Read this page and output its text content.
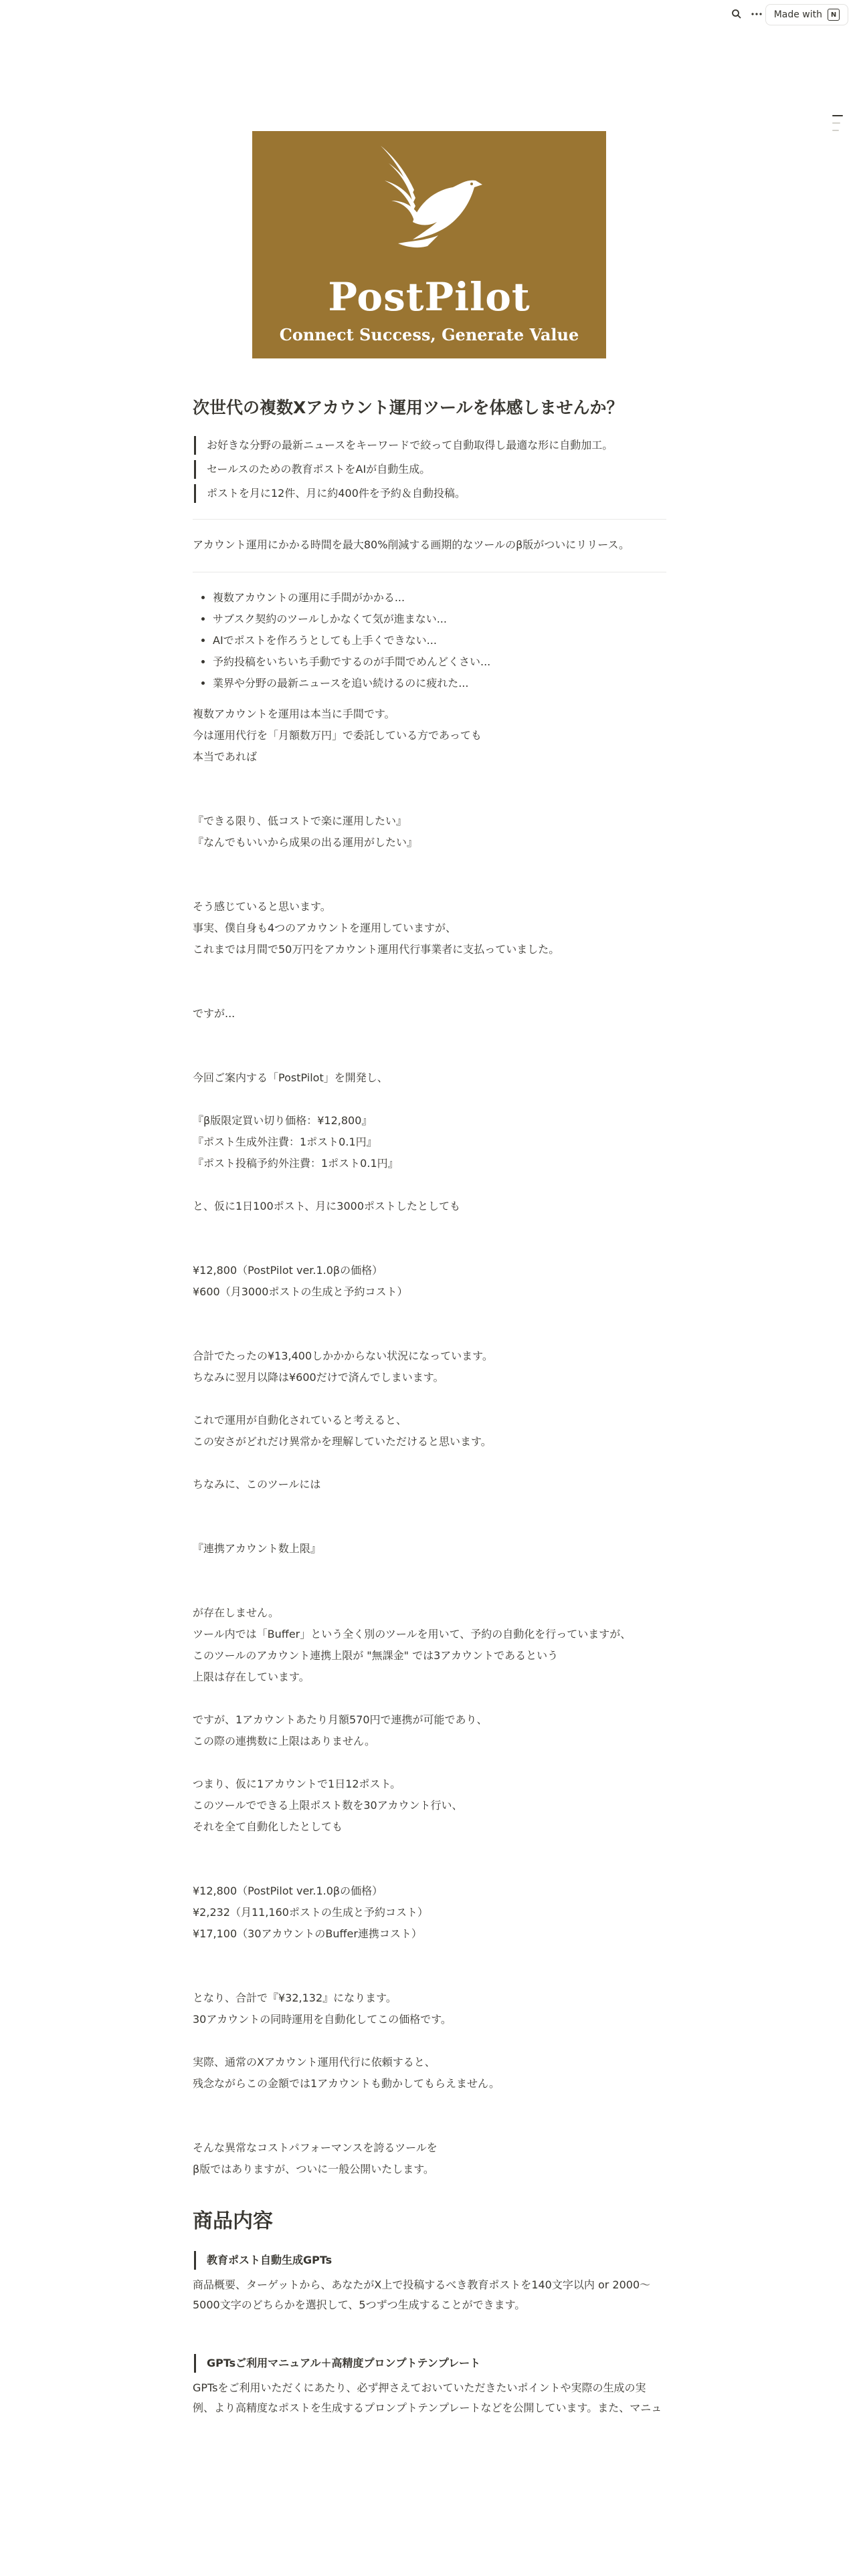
Made with	N
PostPilot
Connect Success, Generate Value
次世代の複数Xアカウント運用ツールを体感しませんか？
お好きな分野の最新ニュースをキーワードで絞って自動取得し最適な形に自動加工。
セールスのための教育ポストをAIが自動生成。
ポストを月に12件、月に約400件を予約＆自動投稿。

アカウント運用にかかる時間を最大80%削減する画期的なツールのβ版がついにリリース。

• 複数アカウントの運用に手間がかかる...
• サブスク契約のツールしかなくて気が進まない...
• AIでポストを作ろうとしても上手くできない...
• 予約投稿をいちいち手動でするのが手間でめんどくさい...
• 業界や分野の最新ニュースを追い続けるのに疲れた...

複数アカウントを運用は本当に手間です。

今は運用代行を「月額数万円」で委託している方であっても

本当であれば

『できる限り、低コストで楽に運用したい』

『なんでもいいから成果の出る運用がしたい』

そう感じていると思います。

事実、僕自身も4つのアカウントを運用していますが、

これまでは月間で50万円をアカウント運用代行事業者に支払っていました。

ですが...

今回ご案内する「PostPilot」を開発し、

『β版限定買い切り価格：¥12,800』

『ポスト生成外注費：1ポスト0.1円』

『ポスト投稿予約外注費：1ポスト0.1円』

と、仮に1日100ポスト、月に3000ポストしたとしても

¥12,800（PostPilot ver.1.0βの価格）

¥600（月3000ポストの生成と予約コスト）

合計でたったの¥13,400しかかからない状況になっています。

ちなみに翌月以降は¥600だけで済んでしまいます。

これで運用が自動化されていると考えると、

この安さがどれだけ異常かを理解していただけると思います。

ちなみに、このツールには

『連携アカウント数上限』

が存在しません。

ツール内では「Buffer」という全く別のツールを用いて、予約の自動化を行っていますが、

このツールのアカウント連携上限が "無課金" では3アカウントであるという

上限は存在しています。

ですが、1アカウントあたり月額570円で連携が可能であり、

この際の連携数に上限はありません。

つまり、仮に1アカウントで1日12ポスト。

このツールでできる上限ポスト数を30アカウント行い、

それを全て自動化したとしても

¥12,800（PostPilot ver.1.0βの価格）

¥2,232（月11,160ポストの生成と予約コスト）

¥17,100（30アカウントのBuffer連携コスト）

となり、合計で『¥32,132』になります。

30アカウントの同時運用を自動化してこの価格です。

実際、通常のXアカウント運用代行に依頼すると、

残念ながらこの金額では1アカウントも動かしてもらえません。

そんな異常なコストパフォーマンスを誇るツールを

β版ではありますが、ついに一般公開いたします。

商品内容
教育ポスト自動生成GPTs

商品概要、ターゲットから、あなたがX上で投稿するべき教育ポストを140文字以内 or 2000〜5000文字のどちらかを選択して、5つずつ生成することができます。

GPTsご利用マニュアル＋高精度プロンプトテンプレート

GPTsをご利用いただくにあたり、必ず押さえておいていただきたいポイントや実際の生成の実例、より高精度なポストを生成するプロンプトテンプレートなどを公開しています。また、マニュ
